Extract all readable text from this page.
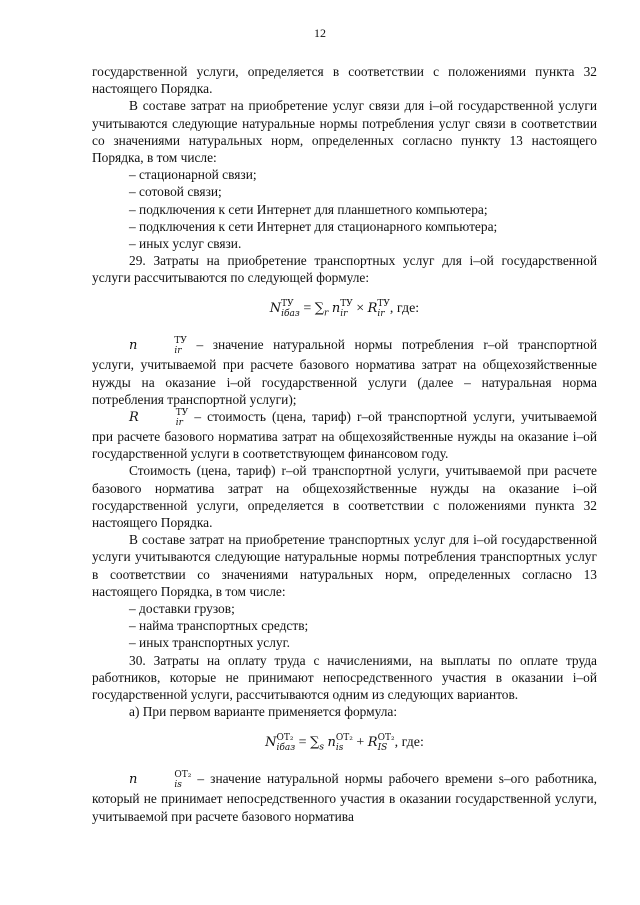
12

государственной услуги, определяется в соответствии с положениями пункта 32 настоящего Порядка.

В составе затрат на приобретение услуг связи для i–ой государственной услуги учитываются следующие натуральные нормы потребления услуг связи в соответствии со значениями натуральных норм, определенных согласно пункту 13 настоящего Порядка, в том числе:

– стационарной связи;

– сотовой связи;

– подключения к сети Интернет для планшетного компьютера;

– подключения к сети Интернет для стационарного компьютера;

– иных услуг связи.

29. Затраты на приобретение транспортных услуг для i–ой государственной услуги рассчитываются по следующей формуле:

N ТУ
iбаз = $\sum_r$ n ТУ
ir × R ТУ
ir , где:

n	ТУ
ir – значение натуральной нормы потребления r–ой транспортной услуги, учитываемой при расчете базового норматива затрат на общехозяйственные нужды на оказание i–ой государственной услуги (далее – натуральная норма потребления транспортной услуги);

R	ТУ
ir – стоимость (цена, тариф) r–ой транспортной услуги, учитываемой при расчете базового норматива затрат на общехозяйственные нужды на оказание i–ой государственной услуги в соответствующем финансовом году.

Стоимость (цена, тариф) r–ой транспортной услуги, учитываемой при расчете базового норматива затрат на общехозяйственные нужды на оказание i–ой государственной услуги, определяется в соответствии с положениями пункта 32 настоящего Порядка.

В составе затрат на приобретение транспортных услуг для i–ой государственной услуги учитываются следующие натуральные нормы потребления транспортных услуг в соответствии со значениями натуральных норм, определенных согласно 13 настоящего Порядка, в том числе:

– доставки грузов;

– найма транспортных средств;

– иных транспортных услуг.

30. Затраты на оплату труда с начислениями, на выплаты по оплате труда работников, которые не принимают непосредственного участия в оказании i–ой государственной услуги, рассчитываются одним из следующих вариантов.

а) При первом варианте применяется формула:

N ОТ₂
iбаз = $\sum_s$ n ОТ₂
is + R ОТ₂
IS , где:

n	ОТ₂
is – значение натуральной нормы рабочего времени s–ого работника, который не принимает непосредственного участия в оказании государственной услуги, учитываемой при расчете базового норматива
